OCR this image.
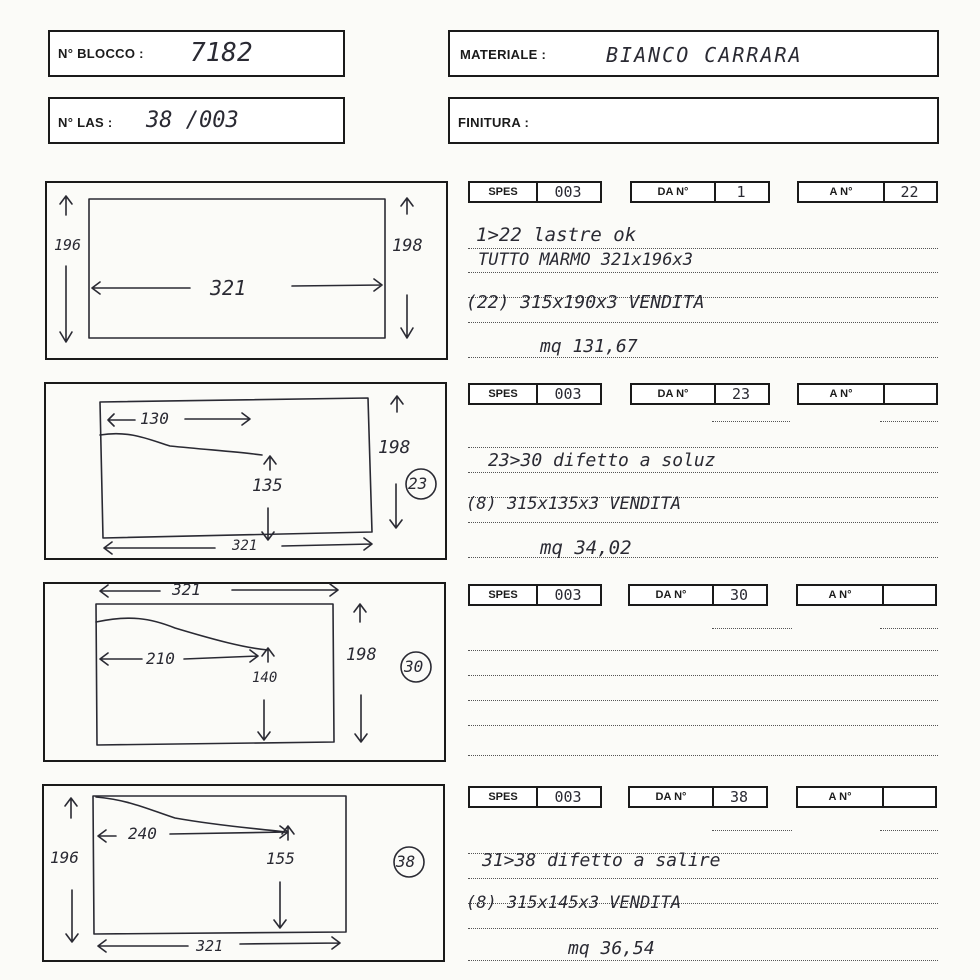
N° BLOCCO : 7182
N° LAS : 38 /003
MATERIALE :	BIANCO CARRARA
FINITURA :
196	198
321
130
135
198
321
23
321
210
140
198
30
196
240
155
321
38
SPES	003	DA N°	1	A N°	22
SPES	003	DA N°	23	A N°
SPES	003	DA N°	30	A N°
SPES	003	DA N°	38	A N°
1>22 lastre ok
TUTTO MARMO 321x196x3
(22) 315x190x3 VENDITA
mq 131,67
23>30 difetto a soluz
(8) 315x135x3 VENDITA
mq 34,02
31>38 difetto a salire
(8) 315x145x3 VENDITA
mq 36,54
